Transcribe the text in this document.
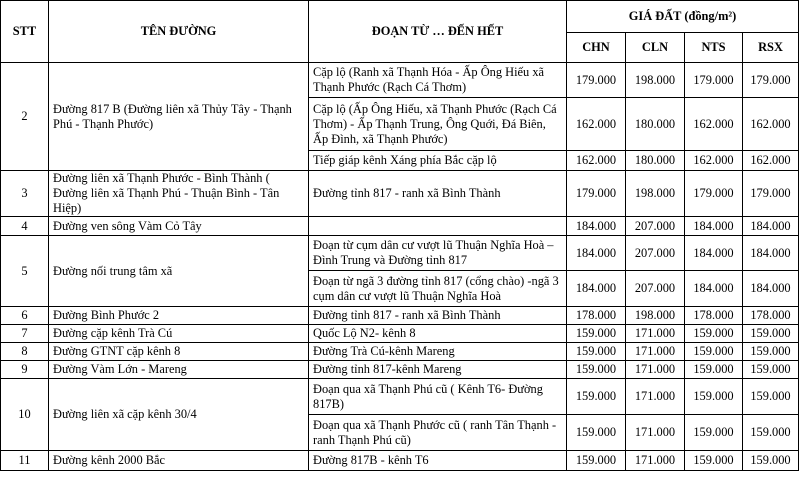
STT	TÊN ĐƯỜNG	ĐOẠN TỪ … ĐẾN HẾT	GIÁ ĐẤT (đồng/m²)			
			CHN	CLN	NTS	RSX
2	Đường 817 B (Đường liên xã Thủy Tây - Thạnh Phú - Thạnh Phước)	Cặp lộ (Ranh xã Thạnh Hóa - Ấp Ông Hiếu xã Thạnh Phước (Rạch Cá Thơm)	179.000	198.000	179.000	179.000
		Cặp lộ (Ấp Ông Hiếu, xã Thạnh Phước (Rạch Cá Thơm) - Ấp Thạnh Trung, Ông Quới, Đá Biên, Ấp Đình, xã Thạnh Phước)	162.000	180.000	162.000	162.000
		Tiếp giáp kênh Xáng phía Bắc cặp lộ	162.000	180.000	162.000	162.000
3	Đường liên xã Thạnh Phước - Bình Thành ( Đường liên xã Thạnh Phú - Thuận Bình - Tân Hiệp)	Đường tỉnh 817 - ranh xã Bình Thành	179.000	198.000	179.000	179.000
4	Đường ven sông Vàm Cỏ Tây		184.000	207.000	184.000	184.000
5	Đường nối trung tâm xã	Đoạn từ cụm dân cư vượt lũ Thuận Nghĩa Hoà – Đình Trung và Đường tỉnh 817	184.000	207.000	184.000	184.000
		Đoạn từ ngã 3 đường tỉnh 817 (cổng chào) -ngã 3 cụm dân cư vượt lũ Thuận Nghĩa Hoà	184.000	207.000	184.000	184.000
6	Đường Bình Phước 2	Đường tỉnh 817 - ranh xã Bình Thành	178.000	198.000	178.000	178.000
7	Đường cặp kênh Trà Cú	Quốc Lộ N2- kênh 8	159.000	171.000	159.000	159.000
8	Đường GTNT cặp kênh 8	Đường Trà Cú-kênh Mareng	159.000	171.000	159.000	159.000
9	Đường Vàm Lớn - Mareng	Đường tỉnh 817-kênh Mareng	159.000	171.000	159.000	159.000
10	Đường liên xã cặp kênh 30/4	Đoạn qua xã Thạnh Phú cũ ( Kênh T6- Đường 817B)	159.000	171.000	159.000	159.000
		Đoạn qua xã Thạnh Phước cũ ( ranh Tân Thạnh - ranh Thạnh Phú cũ)	159.000	171.000	159.000	159.000
11	Đường kênh 2000 Bắc	Đường 817B - kênh T6	159.000	171.000	159.000	159.000
